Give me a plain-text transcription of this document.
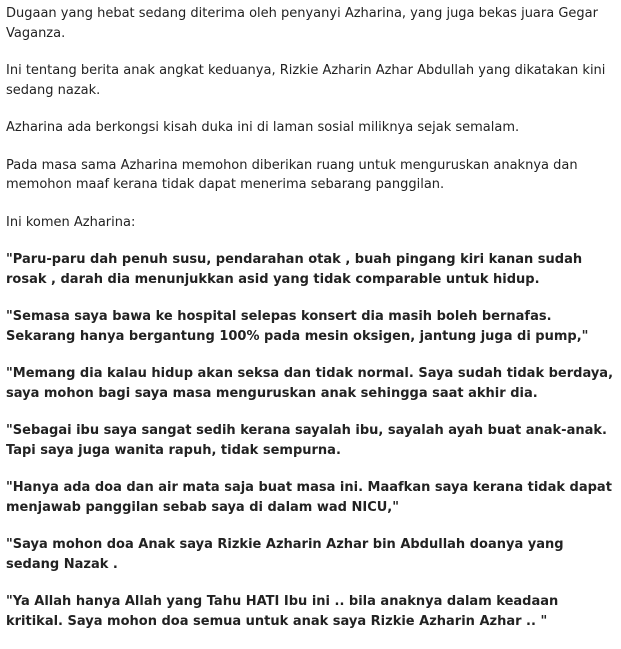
Dugaan yang hebat sedang diterima oleh penyanyi Azharina, yang juga bekas juara Gegar Vaganza.

Ini tentang berita anak angkat keduanya, Rizkie Azharin Azhar Abdullah yang dikatakan kini sedang nazak.

Azharina ada berkongsi kisah duka ini di laman sosial miliknya sejak semalam.

Pada masa sama Azharina memohon diberikan ruang untuk menguruskan anaknya dan memohon maaf kerana tidak dapat menerima sebarang panggilan.

Ini komen Azharina:

"Paru-paru dah penuh susu, pendarahan otak , buah pingang kiri kanan sudah rosak , darah dia menunjukkan asid yang tidak comparable untuk hidup.

"Semasa saya bawa ke hospital selepas konsert dia masih boleh bernafas. Sekarang hanya bergantung 100% pada mesin oksigen, jantung juga di pump,"

"Memang dia kalau hidup akan seksa dan tidak normal. Saya sudah tidak berdaya, saya mohon bagi saya masa menguruskan anak sehingga saat akhir dia.

"Sebagai ibu saya sangat sedih kerana sayalah ibu, sayalah ayah buat anak-anak. Tapi saya juga wanita rapuh, tidak sempurna.

"Hanya ada doa dan air mata saja buat masa ini. Maafkan saya kerana tidak dapat menjawab panggilan sebab saya di dalam wad NICU,"

"Saya mohon doa Anak saya Rizkie Azharin Azhar bin Abdullah doanya yang sedang Nazak .

"Ya Allah hanya Allah yang Tahu HATI Ibu ini .. bila anaknya dalam keadaan kritikal. Saya mohon doa semua untuk anak saya Rizkie Azharin Azhar .. "
